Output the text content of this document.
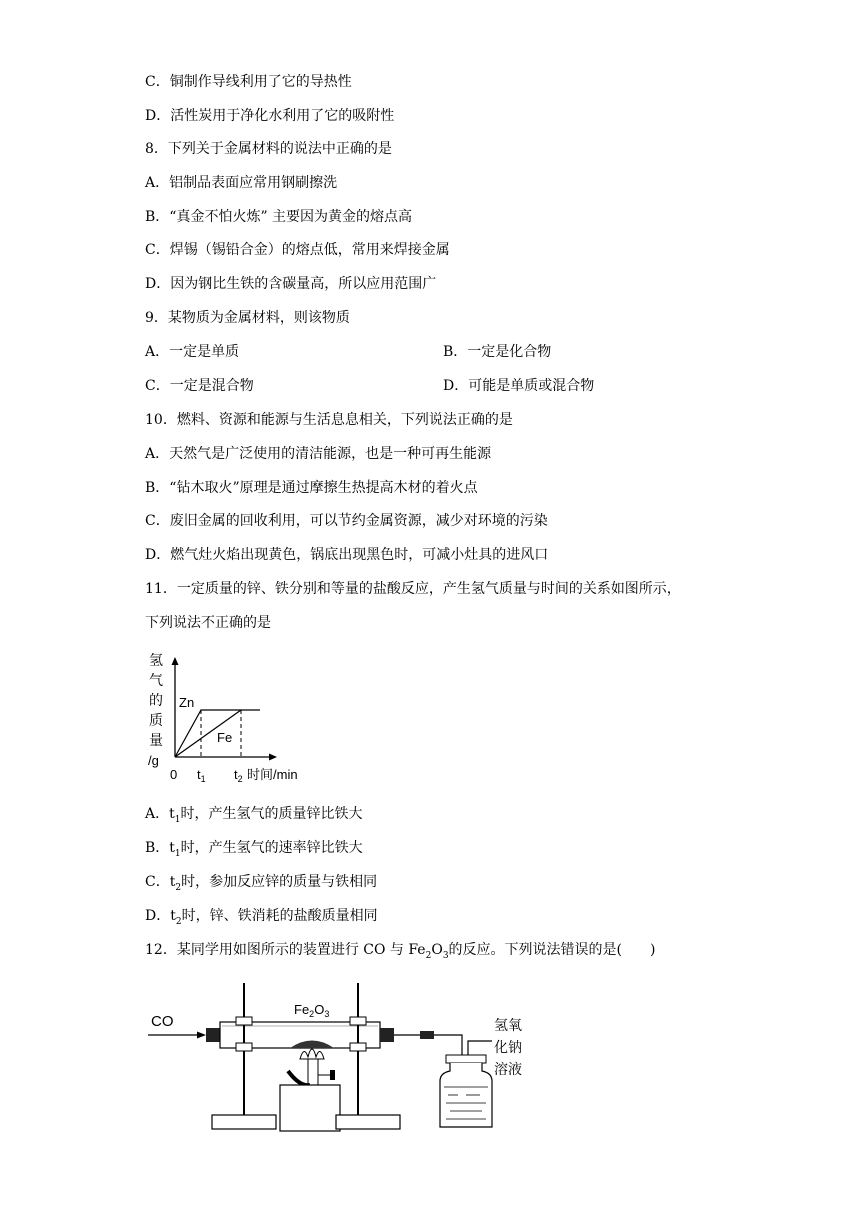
C．铜制作导线利用了它的导热性
D．活性炭用于净化水利用了它的吸附性
8．下列关于金属材料的说法中正确的是
A．铝制品表面应常用钢刷擦洗
B．“真金不怕火炼” 主要因为黄金的熔点高
C．焊锡（锡铅合金）的熔点低，常用来焊接金属
D．因为钢比生铁的含碳量高，所以应用范围广
9．某物质为金属材料，则该物质
A．一定是单质	B．一定是化合物
C．一定是混合物	D．可能是单质或混合物
10．燃料、资源和能源与生活息息相关，下列说法正确的是
A．天然气是广泛使用的清洁能源，也是一种可再生能源
B．“钻木取火”原理是通过摩擦生热提高木材的着火点
C．废旧金属的回收利用，可以节约金属资源，减少对环境的污染
D．燃气灶火焰出现黄色，锅底出现黑色时，可减小灶具的进风口
11．一定质量的锌、铁分别和等量的盐酸反应，产生氢气质量与时间的关系如图所示，
下列说法不正确的是
氢
气
的
质
量
/g
Zn
Fe
0 $t_1$ $t_2$ 时间/min
A．$t_1$时，产生氢气的质量锌比铁大
B．$t_1$时，产生氢气的速率锌比铁大
C．$t_2$时，参加反应锌的质量与铁相同
D．$t_2$时，锌、铁消耗的盐酸质量相同
12．某同学用如图所示的装置进行 CO 与 $Fe_2O_3$的反应。下列说法错误的是(　　)
CO
$Fe_2O_3$
氢氧
化钠
溶液
